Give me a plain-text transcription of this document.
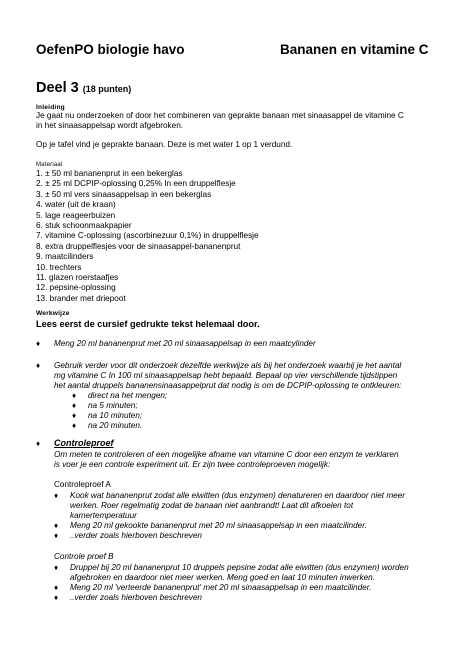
OefenPO biologie havo	Bananen en vitamine C
Deel 3 (18 punten)
Inleiding
Je gaat nu onderzoeken of door het combineren van geprakte banaan met sinaasappel de vitamine C
in het sinaasappelsap wordt afgebroken.
Op je tafel vind je geprakte banaan. Deze is met water 1 op 1 verdund.
Materiaal
1. ± 50 ml bananenprut in een bekerglas
2. ± 25 ml DCPIP-oplossing 0,25% In een druppelflesje
3. ± 50 ml vers sinaasappelsap in een bekerglas
4. water (uit de kraan)
5. lage reageerbuizen
6. stuk schoonmaakpapier
7. vitamine C-oplossing (ascorbinezuur 0,1%) in druppelflesje
8. extra druppelflesjes voor de sinaasappel-bananenprut
9. maatcilinders
10. trechters
11. glazen roerstaafjes
12. pepsine-oplossing
13. brander met driepoot
Werkwijze
Lees eerst de cursief gedrukte tekst helemaal door.
♦ Meng 20 ml bananenprut met 20 ml sinaasappelsap in een maatcylinder
♦ Gebruik verder voor dit onderzoek dezelfde werkwijze als bij het onderzoek waarbij je het aantal
mg vitamine C In 100 ml sinaasappelsap hebt bepaald. Bepaal op vier verschillende tijdstippen
het aantal druppels bananensinaasappelprut dat nodig is om de DCPIP-oplossing te ontkleuren:
♦ direct na het mengen;
♦ na 5 minuten;
♦ na 10 minuten;
♦ na 20 minuten.
♦ Controleproef
Om meten te controleren of een mogelijke afname van vitamine C door een enzym te verklaren
is voer je een controle experiment uit. Er zijn twee controleproeven mogelijk:
Controleproef A
♦ Kook wat bananenprut zodat alle eiwitten (dus enzymen) denatureren en daardoor niet meer
werken. Roer regelmatig zodat de banaan niet aanbrandt! Laat dit afkoelen tot
kamertemperatuur
♦ Meng 20 ml gekookte bananenprut met 20 ml sinaasappelsap in een maatcilinder.
♦ ..verder zoals hierboven beschreven
Controle proef B
♦ Druppel bij 20 ml bananenprut 10 druppels pepsine zodat alle eiwitten (dus enzymen) worden
afgebroken en daardoor niet meer werken. Meng goed en laat 10 minuten inwerken.
♦ Meng 20 ml 'verteerde bananenprut' met 20 ml sinaasappelsap in een maatcilinder.
♦ ..verder zoals hierboven beschreven
